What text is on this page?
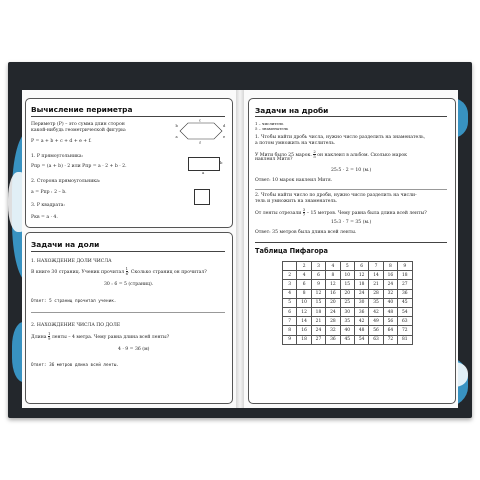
Вычисление периметра
Периметр (Р) – это сумма длин сторон
какой-нибудь геометрической фигуры:
P = a + b + c + d + e + f.
c
b	d
a	e
f
1. Р прямоугольника:
Рпр = (a + b) · 2 или Рпр = a · 2 + b · 2.
b
a
2. Сторона прямоугольника:
a = Рпр : 2 – b.
3. Р квадрата:
Ркв = a · 4.
Задачи на доли
1. НАХОЖДЕНИЕ ДОЛИ ЧИСЛА
В книге 30 страниц. Ученик прочитал $\frac{1}{6}$ . Сколько страниц он прочитал?
30 : 6 = 5 (страниц).
Ответ: 5 страниц прочитал ученик.
2. НАХОЖДЕНИЕ ЧИСЛА ПО ДОЛЕ
Длина $\frac{1}{9}$ ленты – 4 метра. Чему равна длина всей ленты?
4 · 9 = 36 (м)
Ответ: 36 метров длина всей ленты.
Задачи на дроби
1 – числитель
5 – знаменатель
1. Чтобы найти дробь числа, нужно число разделить на знаменатель,
а потом умножить на числитель.
У Мити было 25 марок. $\frac{2}{5}$ он наклеил в альбом. Сколько марок
наклеил Митя?
25:5 · 2 = 10 (м.)
Ответ: 10 марок наклеил Митя.
2. Чтобы найти число по дроби, нужно число разделить на числи-
тель и умножить на знаменатель.
От ленты отрезали $\frac{3}{7} - 15$ метров. Чему равна была длина всей ленты?
15:3 · 7 = 35 (м.)
Ответ: 35 метров была длина всей ленты.
Таблица Пифагора
	2	3	4	5	6	7	8	9
2	4	6	8	10	12	14	16	18
3	6	9	12	15	18	21	24	27
4	8	12	16	20	24	28	32	36
5	10	15	20	25	30	35	40	45
6	12	18	24	30	36	42	48	54
7	14	21	28	35	42	49	56	63
8	16	24	32	40	48	56	64	72
9	18	27	36	45	54	63	72	81
